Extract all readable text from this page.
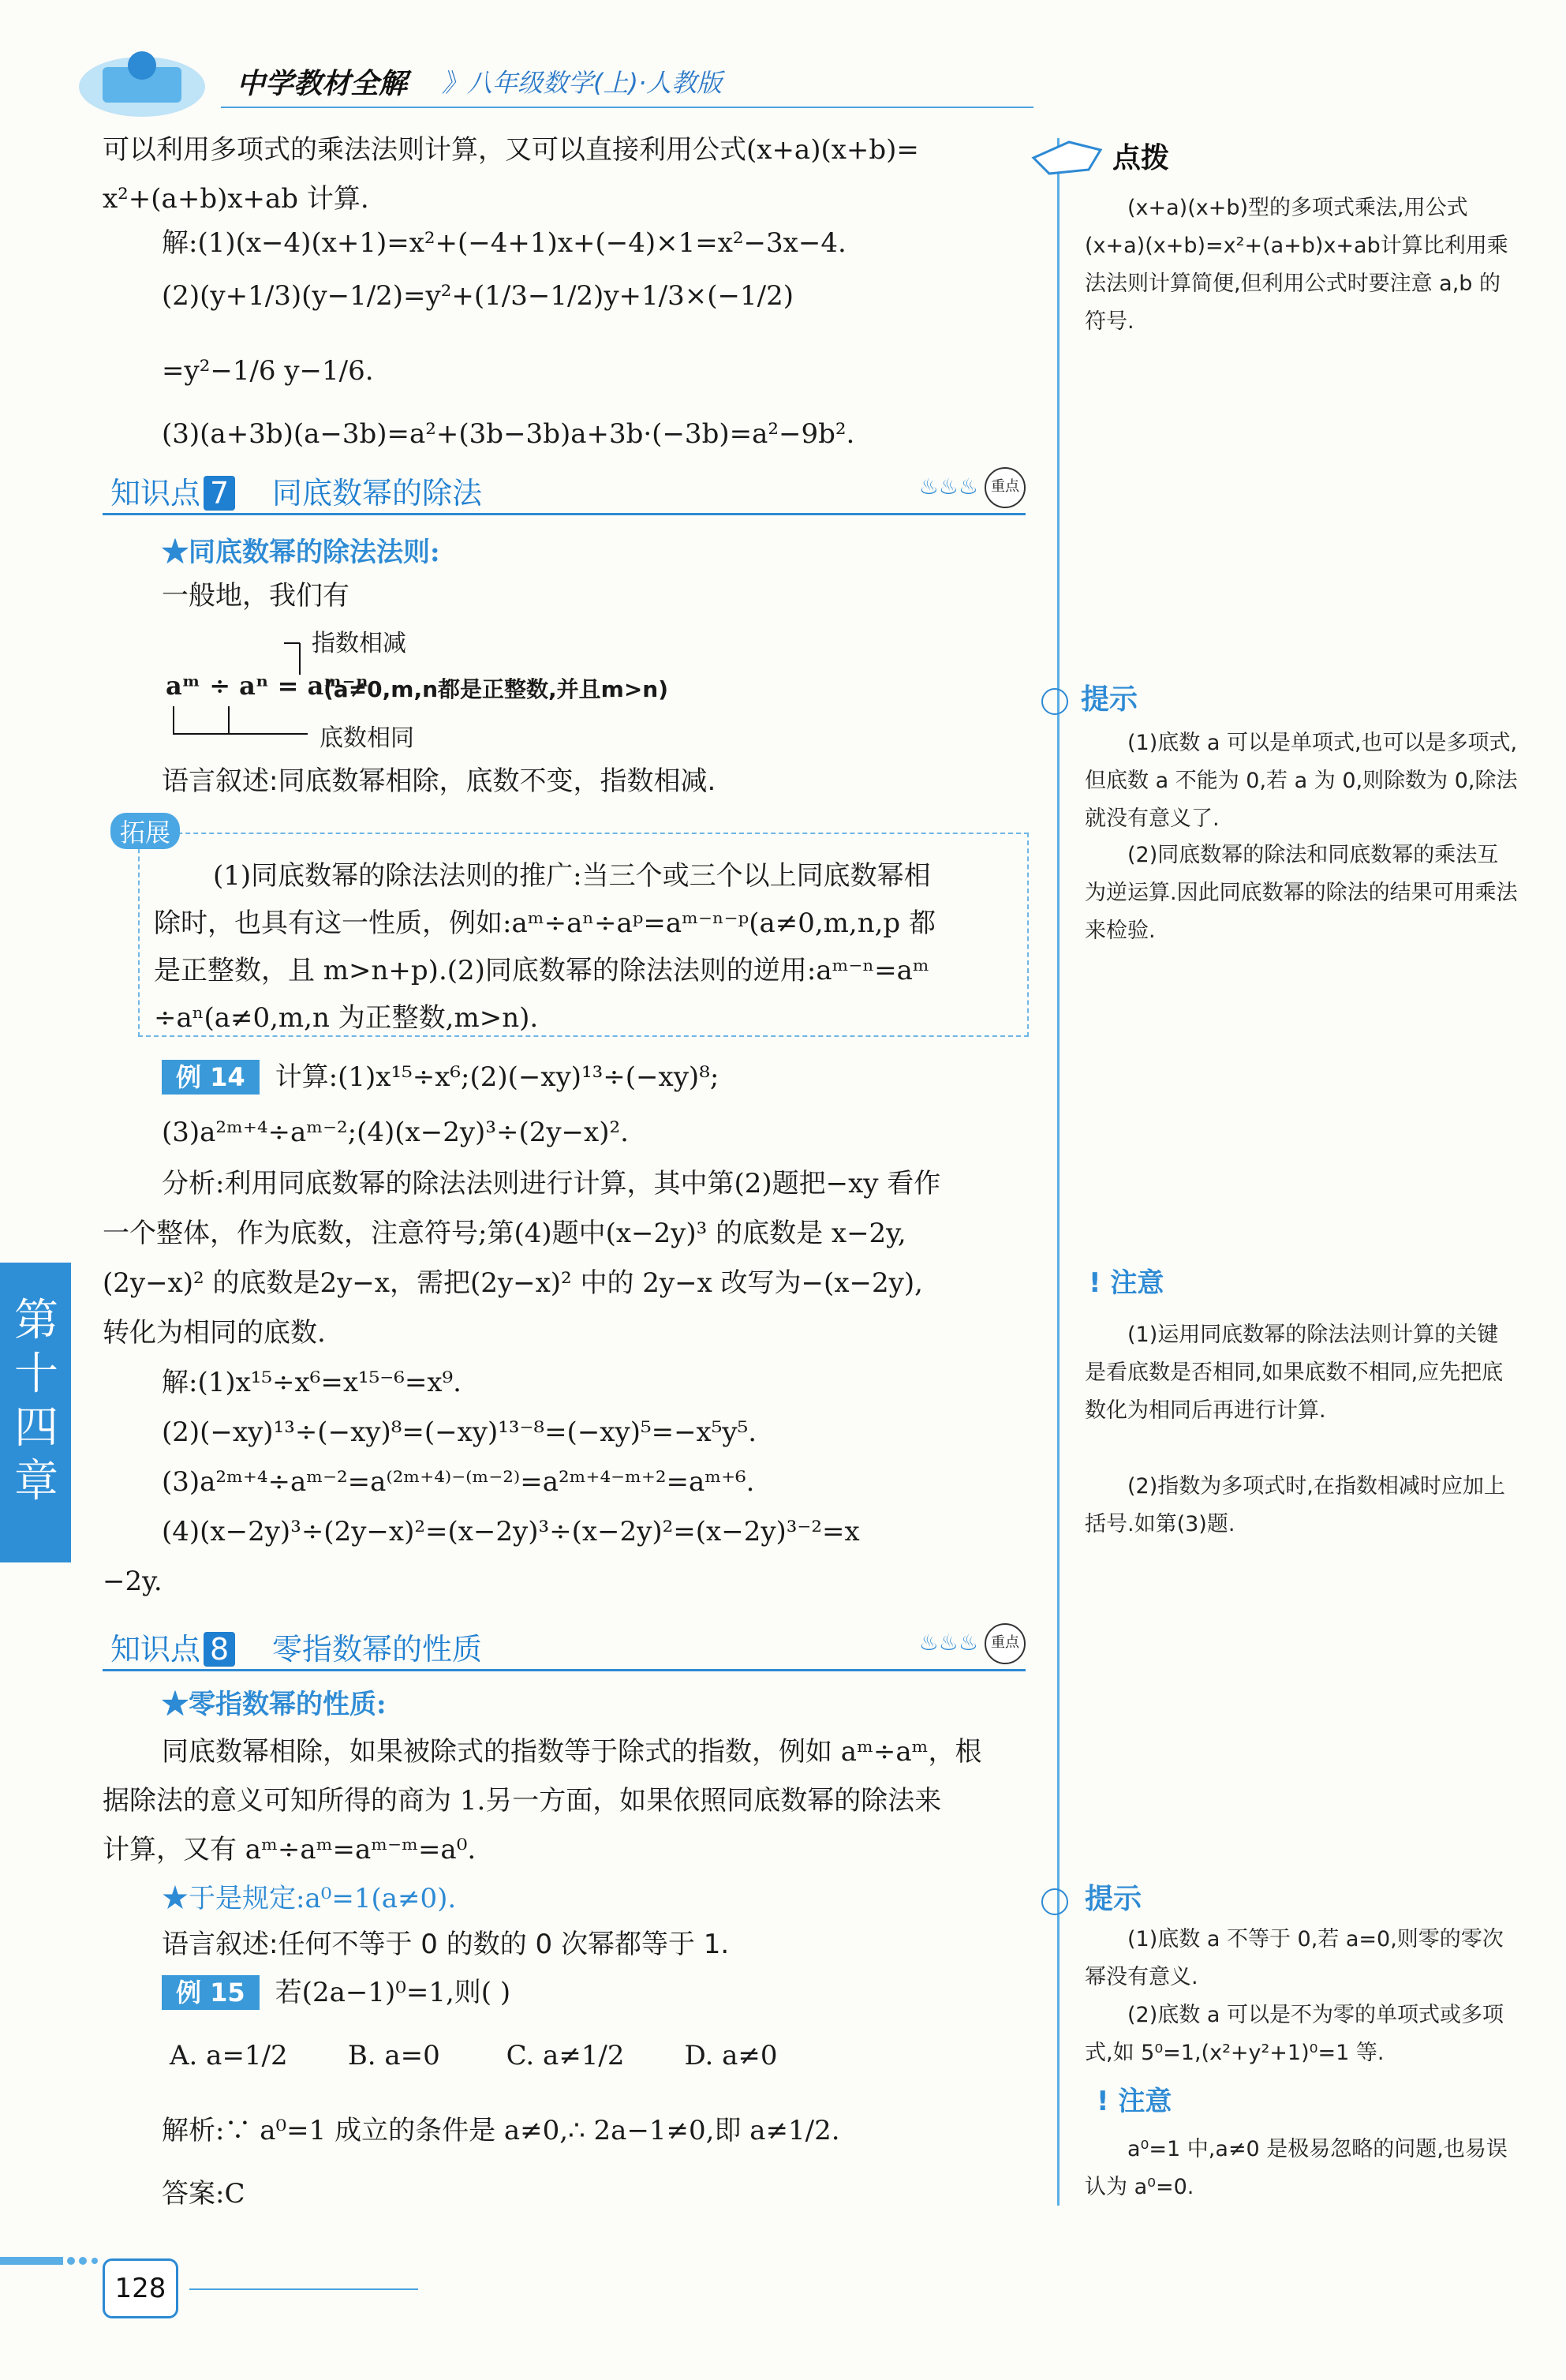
中学教材全解 》八年级数学(上)·人教版
第十四章
可以利用多项式的乘法法则计算，又可以直接利用公式(x+a)(x+b)=
x²+(a+b)x+ab 计算.
解:(1)(x−4)(x+1)=x²+(−4+1)x+(−4)×1=x²−3x−4.
(2)(y+1/3)(y−1/2)=y²+(1/3−1/2)y+1/3×(−1/2)
=y²−1/6 y−1/6.
(3)(a+3b)(a−3b)=a²+(3b−3b)a+3b·(−3b)=a²−9b².
知识点 7	同底数幂的除法	♨♨♨ 重点
★同底数幂的除法法则:
一般地，我们有
指数相减
aᵐ ÷ aⁿ = aᵐ⁻ⁿ
(a≠0,m,n都是正整数,并且m>n)
底数相同
语言叙述:同底数幂相除，底数不变，指数相减.
拓展
(1)同底数幂的除法法则的推广:当三个或三个以上同底数幂相
除时，也具有这一性质，例如:aᵐ÷aⁿ÷aᵖ=aᵐ⁻ⁿ⁻ᵖ(a≠0,m,n,p 都
是正整数，且 m>n+p).(2)同底数幂的除法法则的逆用:aᵐ⁻ⁿ=aᵐ
÷aⁿ(a≠0,m,n 为正整数,m>n).
例 14 计算:(1)x¹⁵÷x⁶;(2)(−xy)¹³÷(−xy)⁸;
(3)a²ᵐ⁺⁴÷aᵐ⁻²;(4)(x−2y)³÷(2y−x)².
分析:利用同底数幂的除法法则进行计算，其中第(2)题把−xy 看作
一个整体，作为底数，注意符号;第(4)题中(x−2y)³ 的底数是 x−2y,
(2y−x)² 的底数是2y−x，需把(2y−x)² 中的 2y−x 改写为−(x−2y),
转化为相同的底数.
解:(1)x¹⁵÷x⁶=x¹⁵⁻⁶=x⁹.
(2)(−xy)¹³÷(−xy)⁸=(−xy)¹³⁻⁸=(−xy)⁵=−x⁵y⁵.
(3)a²ᵐ⁺⁴÷aᵐ⁻²=a⁽²ᵐ⁺⁴⁾⁻⁽ᵐ⁻²⁾=a²ᵐ⁺⁴⁻ᵐ⁺²=aᵐ⁺⁶.
(4)(x−2y)³÷(2y−x)²=(x−2y)³÷(x−2y)²=(x−2y)³⁻²=x
−2y.
知识点 8	零指数幂的性质	♨♨♨ 重点
★零指数幂的性质:
同底数幂相除，如果被除式的指数等于除式的指数，例如 aᵐ÷aᵐ，根
据除法的意义可知所得的商为 1.另一方面，如果依照同底数幂的除法来
计算，又有 aᵐ÷aᵐ=aᵐ⁻ᵐ=a⁰.
★于是规定:a⁰=1(a≠0).
语言叙述:任何不等于 0 的数的 0 次幂都等于 1.
例 15 若(2a−1)⁰=1,则( )
A. a=1/2 B. a=0 C. a≠1/2 D. a≠0
解析:∵ a⁰=1 成立的条件是 a≠0,∴ 2a−1≠0,即 a≠1/2.
答案:C
点拨
(x+a)(x+b)型的多项式乘法,用公式(x+a)(x+b)=x²+(a+b)x+ab计算比利用乘法法则计算简便,但利用公式时要注意 a,b 的符号.
提示
(1)底数 a 可以是单项式,也可以是多项式,但底数 a 不能为 0,若 a 为 0,则除数为 0,除法就没有意义了.
(2)同底数幂的除法和同底数幂的乘法互为逆运算.因此同底数幂的除法的结果可用乘法来检验.
! 注意
(1)运用同底数幂的除法法则计算的关键是看底数是否相同,如果底数不相同,应先把底数化为相同后再进行计算.
(2)指数为多项式时,在指数相减时应加上括号.如第(3)题.
提示
(1)底数 a 不等于 0,若 a=0,则零的零次幂没有意义.
(2)底数 a 可以是不为零的单项式或多项式,如 5⁰=1,(x²+y²+1)⁰=1 等.
! 注意
a⁰=1 中,a≠0 是极易忽略的问题,也易误认为 a⁰=0.
128
